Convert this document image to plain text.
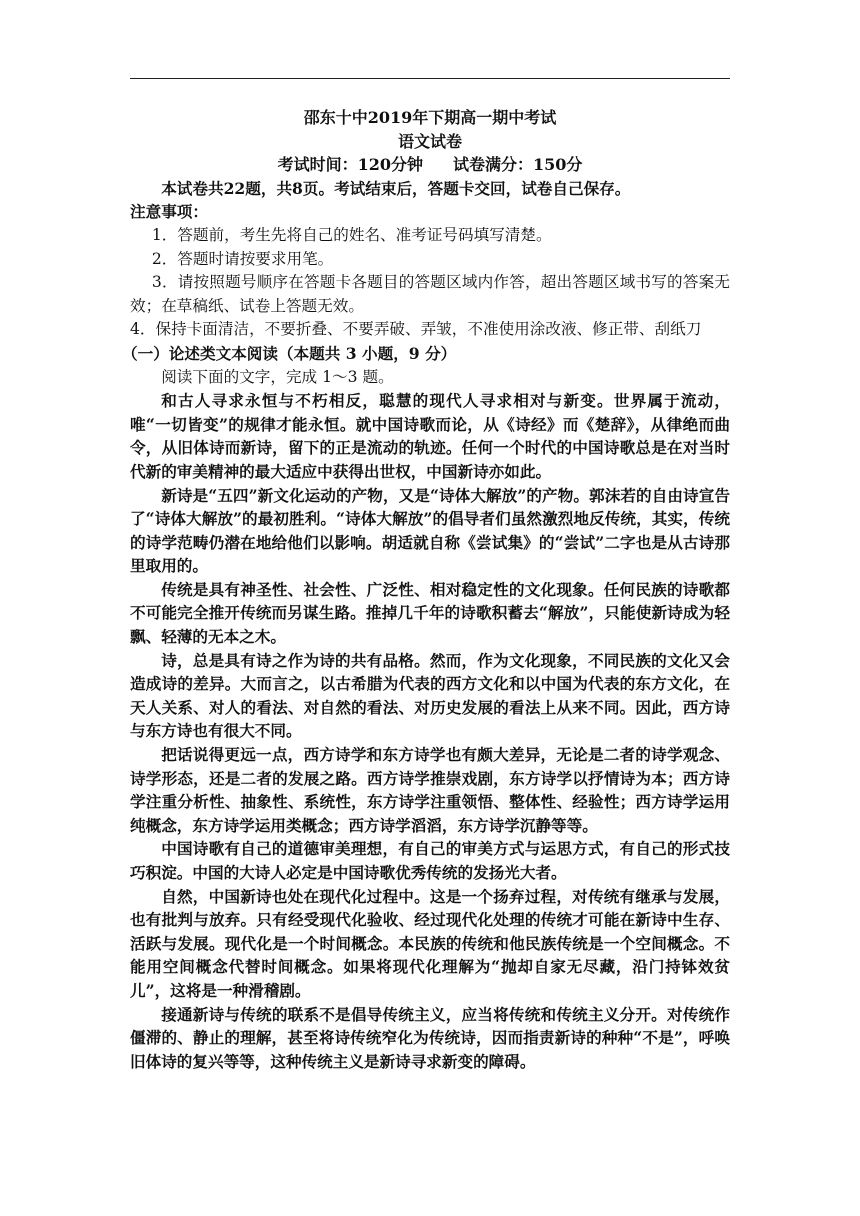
邵东十中2019年下期高一期中考试

语文试卷

考试时间：120分钟 试卷满分：150分

本试卷共22题，共8页。考试结束后，答题卡交回，试卷自己保存。

注意事项：

1．答题前，考生先将自己的姓名、准考证号码填写清楚。

2．答题时请按要求用笔。

3．请按照题号顺序在答题卡各题目的答题区域内作答，超出答题区域书写的答案无效；在草稿纸、试卷上答题无效。

4．保持卡面清洁，不要折叠、不要弄破、弄皱，不准使用涂改液、修正带、刮纸刀

（一）论述类文本阅读（本题共 3 小题，9 分）

阅读下面的文字，完成 1～3 题。

和古人寻求永恒与不朽相反，聪慧的现代人寻求相对与新变。世界属于流动，唯“一切皆变”的规律才能永恒。就中国诗歌而论，从《诗经》而《楚辞》，从律绝而曲令，从旧体诗而新诗，留下的正是流动的轨迹。任何一个时代的中国诗歌总是在对当时代新的审美精神的最大适应中获得出世权，中国新诗亦如此。

新诗是“五四”新文化运动的产物，又是“诗体大解放”的产物。郭沫若的自由诗宣告了“诗体大解放”的最初胜利。“诗体大解放”的倡导者们虽然激烈地反传统，其实，传统的诗学范畴仍潜在地给他们以影响。胡适就自称《尝试集》的“尝试”二字也是从古诗那里取用的。

传统是具有神圣性、社会性、广泛性、相对稳定性的文化现象。任何民族的诗歌都不可能完全推开传统而另谋生路。推掉几千年的诗歌积蓄去“解放”，只能使新诗成为轻飘、轻薄的无本之木。

诗，总是具有诗之作为诗的共有品格。然而，作为文化现象，不同民族的文化又会造成诗的差异。大而言之，以古希腊为代表的西方文化和以中国为代表的东方文化，在天人关系、对人的看法、对自然的看法、对历史发展的看法上从来不同。因此，西方诗与东方诗也有很大不同。

把话说得更远一点，西方诗学和东方诗学也有颇大差异，无论是二者的诗学观念、诗学形态，还是二者的发展之路。西方诗学推崇戏剧，东方诗学以抒情诗为本；西方诗学注重分析性、抽象性、系统性，东方诗学注重领悟、整体性、经验性；西方诗学运用纯概念，东方诗学运用类概念；西方诗学滔滔，东方诗学沉静等等。

中国诗歌有自己的道德审美理想，有自己的审美方式与运思方式，有自己的形式技巧积淀。中国的大诗人必定是中国诗歌优秀传统的发扬光大者。

自然，中国新诗也处在现代化过程中。这是一个扬弃过程，对传统有继承与发展，也有批判与放弃。只有经受现代化验收、经过现代化处理的传统才可能在新诗中生存、活跃与发展。现代化是一个时间概念。本民族的传统和他民族传统是一个空间概念。不能用空间概念代替时间概念。如果将现代化理解为“抛却自家无尽藏，沿门持钵效贫儿”，这将是一种滑稽剧。

接通新诗与传统的联系不是倡导传统主义，应当将传统和传统主义分开。对传统作僵滞的、静止的理解，甚至将诗传统窄化为传统诗，因而指责新诗的种种“不是”，呼唤旧体诗的复兴等等，这种传统主义是新诗寻求新变的障碍。
